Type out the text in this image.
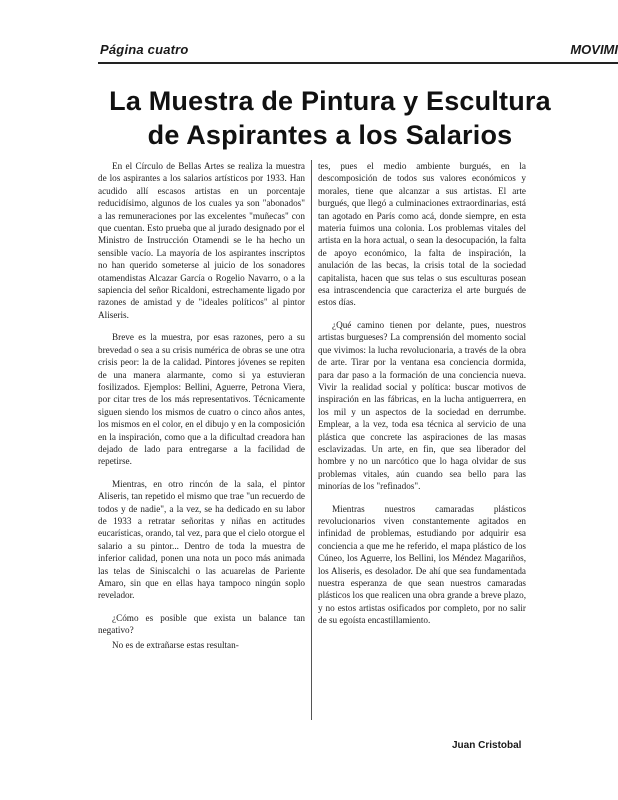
Página cuatro	MOVIMI
La Muestra de Pintura y Escultura
de Aspirantes a los Salarios

En el Círculo de Bellas Artes se realiza la muestra de los aspirantes a los salarios artísticos por 1933. Han acudido allí escasos artistas en un porcentaje reducidísimo, algunos de los cuales ya son "abonados" a las remuneraciones por las excelentes "muñecas" con que cuentan. Esto prueba que al jurado designado por el Ministro de Instrucción Otamendi se le ha hecho un sensible vacío. La mayoría de los aspirantes inscriptos no han querido someterse al juicio de los sonadores otamendistas Alcazar García o Rogelio Navarro, o a la sapiencia del señor Ricaldoni, estrechamente ligado por razones de amistad y de "ideales políticos" al pintor Aliseris.

Breve es la muestra, por esas razones, pero a su brevedad o sea a su crisis numérica de obras se une otra crisis peor: la de la calidad. Pintores jóvenes se repiten de una manera alarmante, como si ya estuvieran fosilizados. Ejemplos: Bellini, Aguerre, Petrona Viera, por citar tres de los más representativos. Técnicamente siguen siendo los mismos de cuatro o cinco años antes, los mismos en el color, en el dibujo y en la composición en la inspiración, como que a la dificultad creadora han dejado de lado para entregarse a la facilidad de repetirse.

Mientras, en otro rincón de la sala, el pintor Aliseris, tan repetido el mismo que trae "un recuerdo de todos y de nadie", a la vez, se ha dedicado en su labor de 1933 a retratar señoritas y niñas en actitudes eucarísticas, orando, tal vez, para que el cielo otorgue el salario a su pintor... Dentro de toda la muestra de inferior calidad, ponen una nota un poco más animada las telas de Siniscalchi o las acuarelas de Pariente Amaro, sin que en ellas haya tampoco ningún soplo revelador.

¿Cómo es posible que exista un balance tan negativo?

No es de extrañarse estas resultan-

tes, pues el medio ambiente burgués, en la descomposición de todos sus valores económicos y morales, tiene que alcanzar a sus artistas. El arte burgués, que llegó a culminaciones extraordinarias, está tan agotado en París como acá, donde siempre, en esta materia fuimos una colonia. Los problemas vitales del artista en la hora actual, o sean la desocupación, la falta de apoyo económico, la falta de inspiración, la anulación de las becas, la crisis total de la sociedad capitalista, hacen que sus telas o sus esculturas posean esa intrascendencia que caracteriza el arte burgués de estos días.

¿Qué camino tienen por delante, pues, nuestros artistas burgueses? La comprensión del momento social que vivimos: la lucha revolucionaria, a través de la obra de arte. Tirar por la ventana esa conciencia dormida, para dar paso a la formación de una conciencia nueva. Vivir la realidad social y política: buscar motivos de inspiración en las fábricas, en la lucha antiguerrera, en los mil y un aspectos de la sociedad en derrumbe. Emplear, a la vez, toda esa técnica al servicio de una plástica que concrete las aspiraciones de las masas esclavizadas. Un arte, en fin, que sea liberador del hombre y no un narcótico que lo haga olvidar de sus problemas vitales, aún cuando sea bello para las minorías de los "refinados".

Mientras nuestros camaradas plásticos revolucionarios viven constantemente agitados en infinidad de problemas, estudiando por adquirir esa conciencia a que me he referido, el mapa plástico de los Cúneo, los Aguerre, los Bellini, los Méndez Magariños, los Aliseris, es desolador. De ahí que sea fundamentada nuestra esperanza de que sean nuestros camaradas plásticos los que realicen una obra grande a breve plazo, y no estos artistas osificados por completo, por no salir de su egoísta encastillamiento.

Juan Cristobal
